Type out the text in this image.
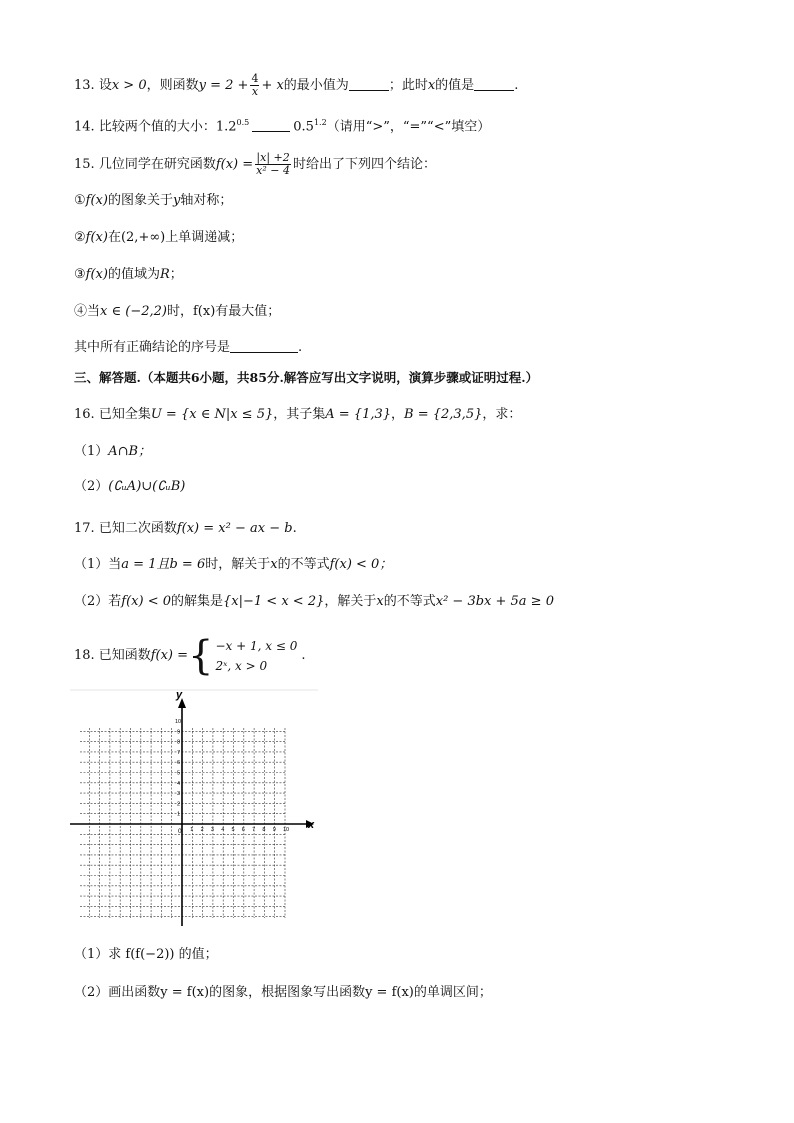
13. 设x > 0，则函数$y = 2 + \frac{4}{x} + x$的最小值为	；此时x的值是	.
14. 比较两个值的大小：$1.2^{0.5}$	$0.5^{1.2}$（请用“>”，“=”“<”填空）
15. 几位同学在研究函数$f(x) = \frac{|x| +2}{\text{x² − 4}}$ 时给出了下列四个结论：
①f(x)的图象关于y轴对称；
②f(x)在(2,+∞)上单调递减；
③f(x)的值域为R；
④当x ∈ (−2,2)时，f(x)有最大值；
其中所有正确结论的序号是	.
三、解答题.（本题共6小题，共85分.解答应写出文字说明，演算步骤或证明过程.）
16. 已知全集U = {x ∈ N|x ≤ 5}，其子集A = {1,3}，B = {2,3,5}，求：
（1）A∩B；
（2）(∁ᵤA)∪(∁ᵤB)
17. 已知二次函数f(x) = x² − ax − b.
（1）当a = 1且b = 6时，解关于x的不等式f(x) < 0；
（2）若f(x) < 0的解集是{x|−1 < x < 2}，解关于x的不等式x² − 3bx + 5a ≥ 0
18. 已知函数 f(x) = { −x + 1, x ≤ 0
2ˣ, x > 0
.
x
y
0 1 2 3 4 5 6 7 8 9 10
1
2
3
4
5
6
7
8
9
10
（1）求 f(f(−2)) 的值；
（2）画出函数y = f(x)的图象，根据图象写出函数y = f(x)的单调区间；
